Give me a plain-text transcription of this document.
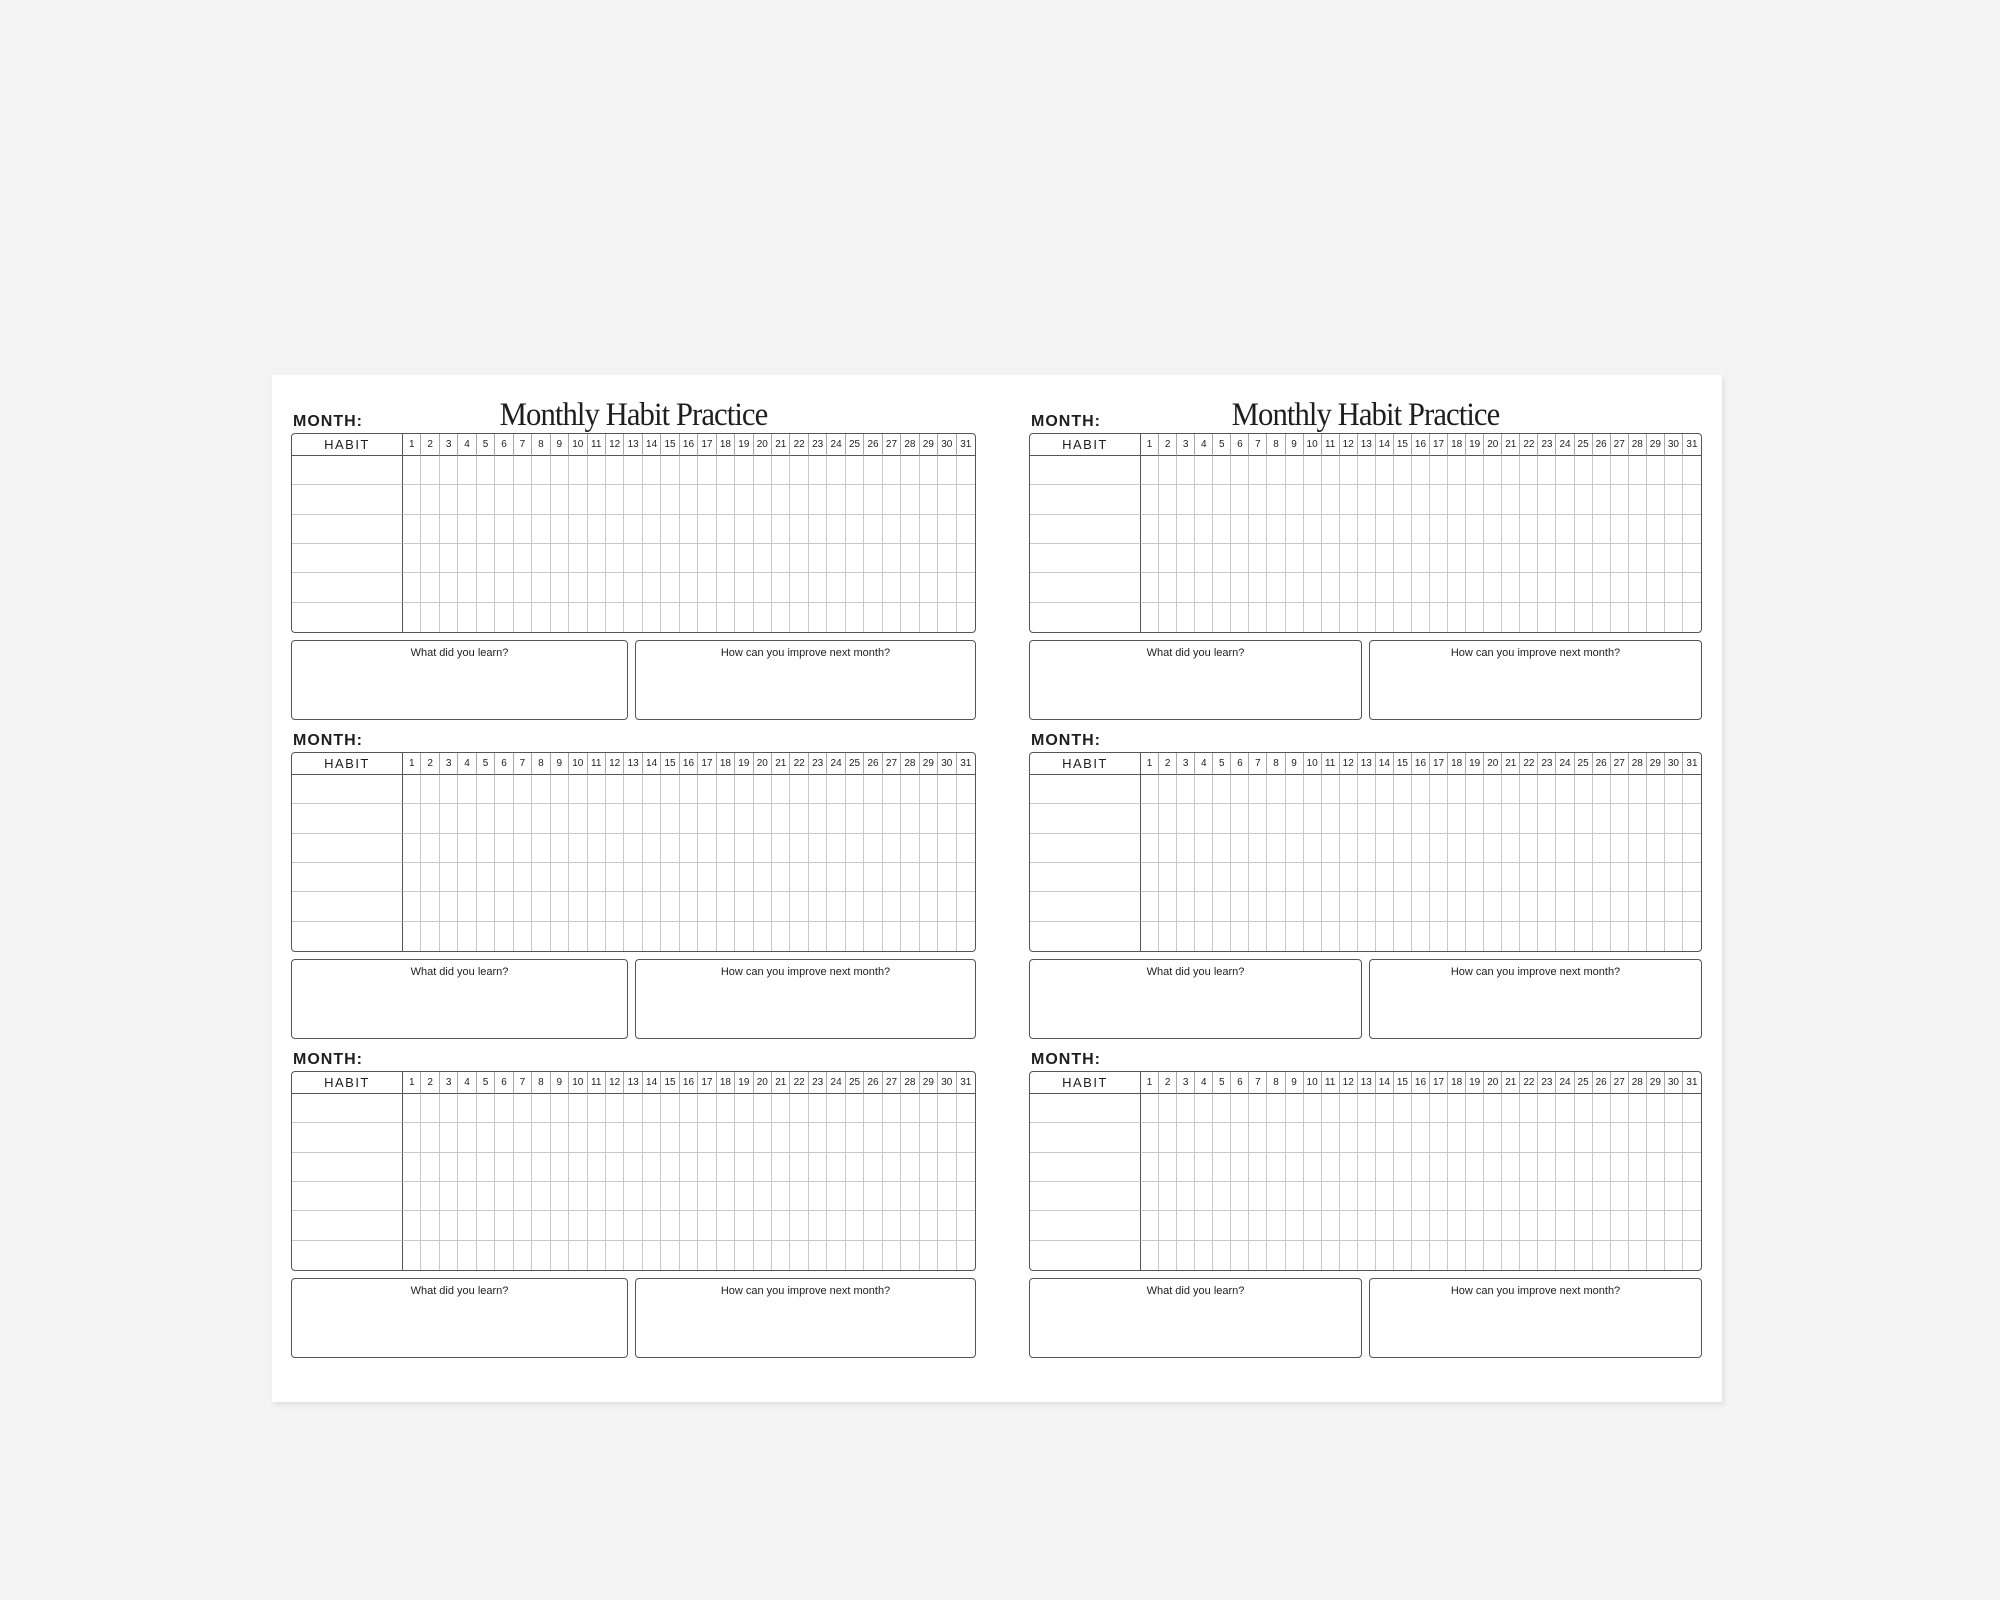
Monthly Habit Practice
MONTH:
HABIT	1	2	3	4	5	6	7	8	9	10 11 12 13 14 15 16 17 18 19 20 21 22 23 24 25 26 27 28 29 30 31
What did you learn?	How can you improve next month?
MONTH:
HABIT	1	2	3	4	5	6	7	8	9	10 11 12 13 14 15 16 17 18 19 20 21 22 23 24 25 26 27 28 29 30 31
What did you learn?	How can you improve next month?
MONTH:
HABIT	1	2	3	4	5	6	7	8	9	10 11 12 13 14 15 16 17 18 19 20 21 22 23 24 25 26 27 28 29 30 31
What did you learn?	How can you improve next month?
Monthly Habit Practice
MONTH:
HABIT	1	2	3	4	5	6	7	8	9 10 11 12 13 14 15 16 17 18 19 20 21 22 23 24 25 26 27 28 29 30 31
What did you learn?	How can you improve next month?
MONTH:
HABIT	1	2	3	4	5	6	7	8	9 10 11 12 13 14 15 16 17 18 19 20 21 22 23 24 25 26 27 28 29 30 31
What did you learn?	How can you improve next month?
MONTH:
HABIT	1	2	3	4	5	6	7	8	9 10 11 12 13 14 15 16 17 18 19 20 21 22 23 24 25 26 27 28 29 30 31
What did you learn?	How can you improve next month?
